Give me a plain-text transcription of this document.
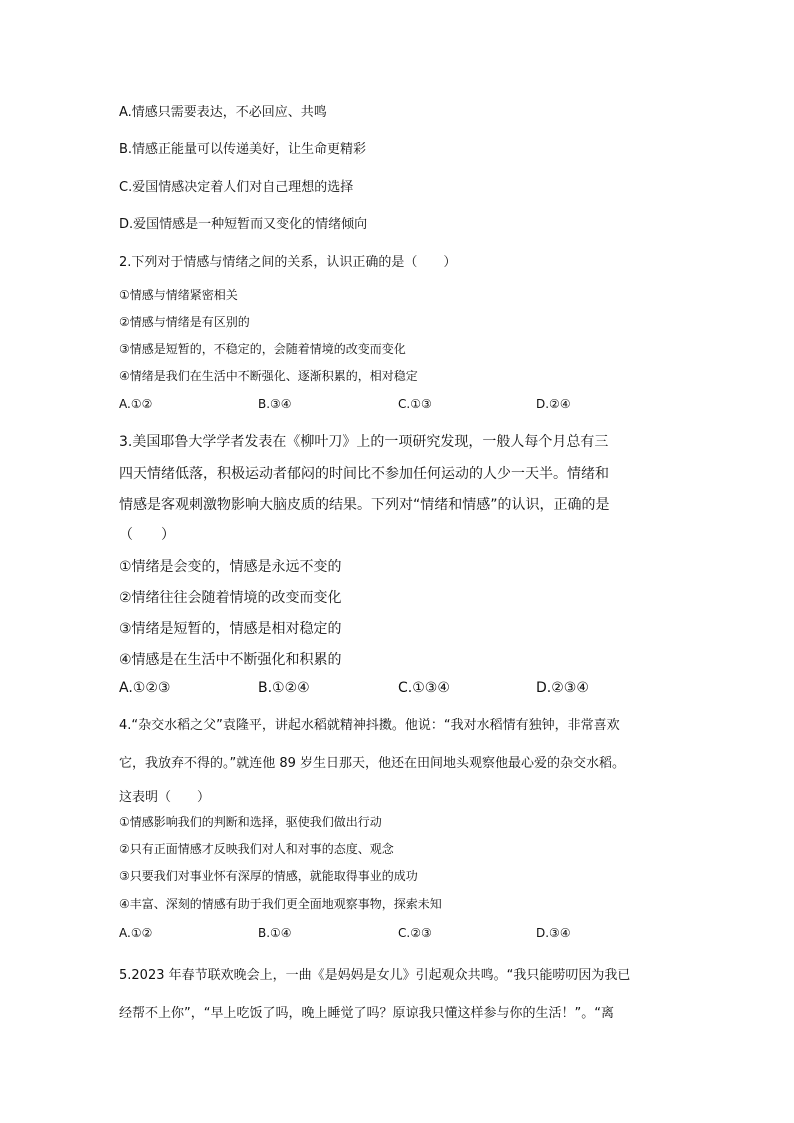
A.情感只需要表达，不必回应、共鸣
B.情感正能量可以传递美好，让生命更精彩
C.爱国情感决定着人们对自己理想的选择
D.爱国情感是一种短暂而又变化的情绪倾向
2.下列对于情感与情绪之间的关系，认识正确的是（　　）
①情感与情绪紧密相关
②情感与情绪是有区别的
③情感是短暂的，不稳定的，会随着情境的改变而变化
④情绪是我们在生活中不断强化、逐渐积累的，相对稳定
A.①②	B.③④	C.①③	D.②④
3.美国耶鲁大学学者发表在《柳叶刀》上的一项研究发现，一般人每个月总有三
四天情绪低落，积极运动者郁闷的时间比不参加任何运动的人少一天半。情绪和
情感是客观刺激物影响大脑皮质的结果。下列对“情绪和情感”的认识，正确的是
（　　）
①情绪是会变的，情感是永远不变的
②情绪往往会随着情境的改变而变化
③情绪是短暂的，情感是相对稳定的
④情感是在生活中不断强化和积累的
A.①②③	B.①②④	C.①③④	D.②③④
4.“杂交水稻之父”袁隆平，讲起水稻就精神抖擞。他说：“我对水稻情有独钟，非常喜欢
它，我放弃不得的。”就连他 89 岁生日那天，他还在田间地头观察他最心爱的杂交水稻。
这表明（　　）
①情感影响我们的判断和选择，驱使我们做出行动
②只有正面情感才反映我们对人和对事的态度、观念
③只要我们对事业怀有深厚的情感，就能取得事业的成功
④丰富、深刻的情感有助于我们更全面地观察事物，探索未知
A.①②	B.①④	C.②③	D.③④
5.2023 年春节联欢晚会上，一曲《是妈妈是女儿》引起观众共鸣。“我只能唠叨因为我已
经帮不上你”，“早上吃饭了吗，晚上睡觉了吗？原谅我只懂这样参与你的生活！”。“离
